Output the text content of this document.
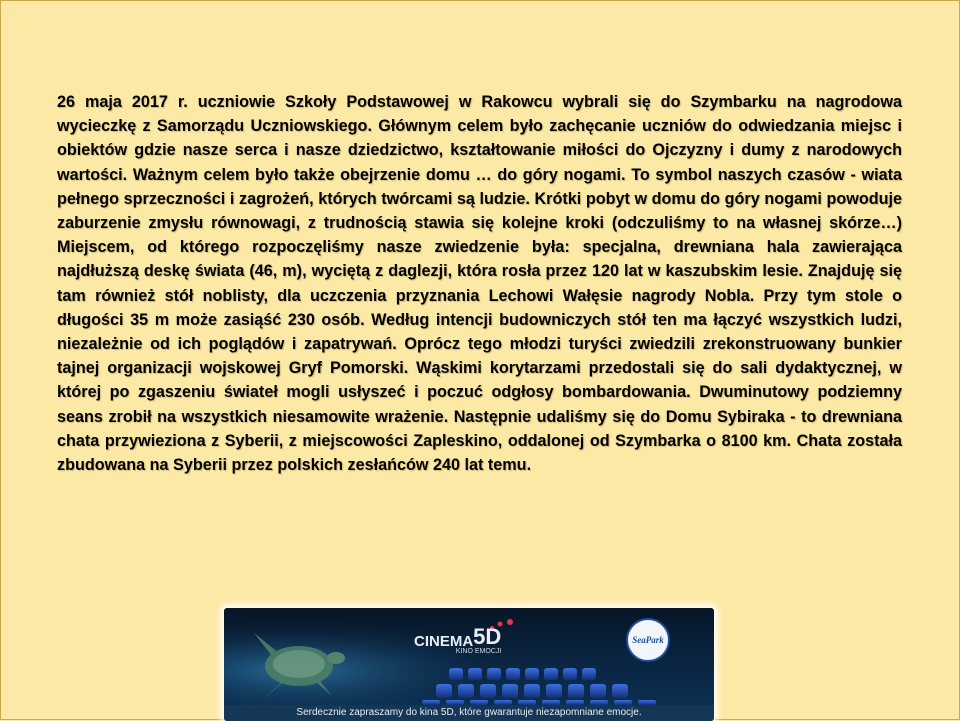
26 maja 2017 r. uczniowie Szkoły Podstawowej w Rakowcu wybrali się do Szymbarku na nagrodowa wycieczkę z Samorządu Uczniowskiego. Głównym celem było zachęcanie uczniów do odwiedzania miejsc i obiektów gdzie nasze serca i nasze dziedzictwo, kształtowanie miłości do Ojczyzny i dumy z narodowych wartości. Ważnym celem było także obejrzenie domu … do góry nogami. To symbol naszych czasów - wiata pełnego sprzeczności i zagrożeń, których twórcami są ludzie. Krótki pobyt w domu do góry nogami powoduje zaburzenie zmysłu równowagi, z trudnością stawia się kolejne kroki (odczuliśmy to na własnej skórze…) Miejscem, od którego rozpoczęliśmy nasze zwiedzenie była: specjalna, drewniana hala zawierająca najdłuższą deskę świata (46, m), wyciętą z daglezji, która rosła przez 120 lat w kaszubskim lesie. Znajduję się tam również stół noblisty, dla uczczenia przyznania Lechowi Wałęsie nagrody Nobla. Przy tym stole o długości 35 m może zasiąść 230 osób. Według intencji budowniczych stół ten ma łączyć wszystkich ludzi, niezależnie od ich poglądów i zapatrywań. Oprócz tego młodzi turyści zwiedzili zrekonstruowany bunkier tajnej organizacji wojskowej Gryf Pomorski. Wąskimi korytarzami przedostali się do sali dydaktycznej, w której po zgaszeniu świateł mogli usłyszeć i poczuć odgłosy bombardowania. Dwuminutowy podziemny seans zrobił na wszystkich niesamowite wrażenie. Następnie udaliśmy się do Domu Sybiraka - to drewniana chata przywieziona z Syberii, z miejscowości Zapleskino, oddalonej od Szymbarka o 8100 km. Chata została zbudowana na Syberii przez polskich zesłańców 240 lat temu.

CINEMA5D
KINO EMOCJI
SeaPark
Serdecznie zapraszamy do kina 5D, które gwarantuje niezapomniane emocje.
